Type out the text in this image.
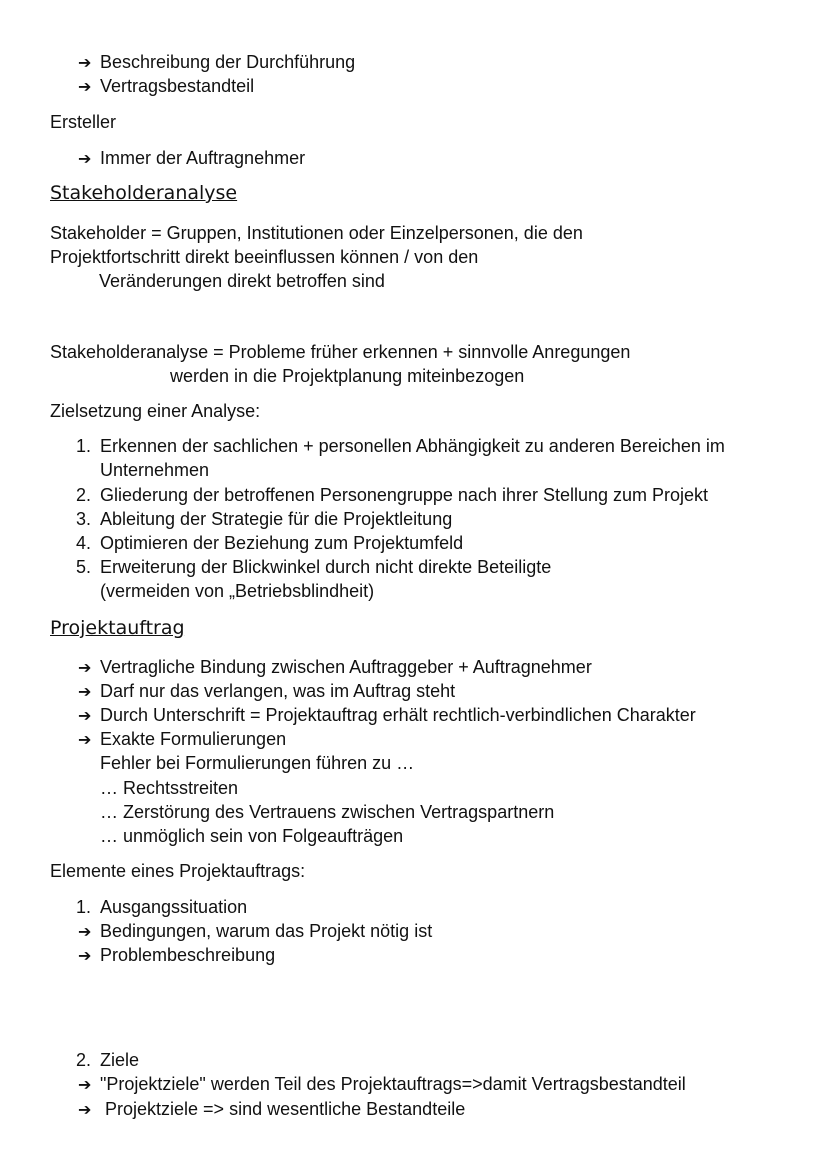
➔ Beschreibung der Durchführung
➔ Vertragsbestandteil
Ersteller
➔ Immer der Auftragnehmer
Stakeholderanalyse
Stakeholder = Gruppen, Institutionen oder Einzelpersonen, die den
Projektfortschritt direkt beeinflussen können / von den
Veränderungen direkt betroffen sind
Stakeholderanalyse = Probleme früher erkennen + sinnvolle Anregungen
werden in die Projektplanung miteinbezogen
Zielsetzung einer Analyse:
1. Erkennen der sachlichen + personellen Abhängigkeit zu anderen Bereichen im
Unternehmen
2. Gliederung der betroffenen Personengruppe nach ihrer Stellung zum Projekt
3. Ableitung der Strategie für die Projektleitung
4. Optimieren der Beziehung zum Projektumfeld
5. Erweiterung der Blickwinkel durch nicht direkte Beteiligte
(vermeiden von „Betriebsblindheit)
Projektauftrag
➔ Vertragliche Bindung zwischen Auftraggeber + Auftragnehmer
➔ Darf nur das verlangen, was im Auftrag steht
➔ Durch Unterschrift = Projektauftrag erhält rechtlich-verbindlichen Charakter
➔ Exakte Formulierungen
Fehler bei Formulierungen führen zu …
… Rechtsstreiten
… Zerstörung des Vertrauens zwischen Vertragspartnern
… unmöglich sein von Folgeaufträgen
Elemente eines Projektauftrags:
1. Ausgangssituation
➔ Bedingungen, warum das Projekt nötig ist
➔ Problembeschreibung
2. Ziele
➔ "Projektziele" werden Teil des Projektauftrags=>damit Vertragsbestandteil
➔ Projektziele => sind wesentliche Bestandteile
